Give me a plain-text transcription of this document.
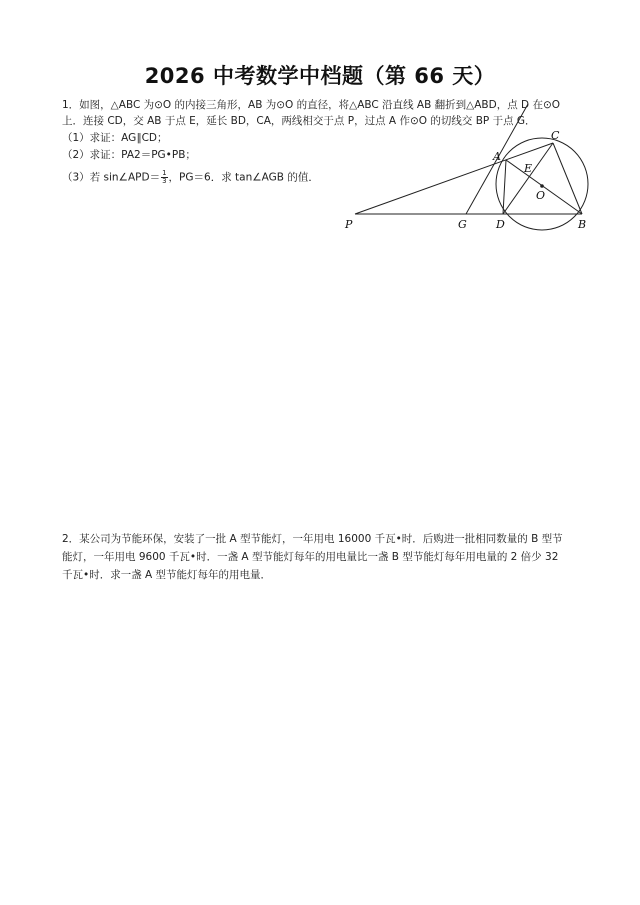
2026 中考数学中档题（第 66 天）
1．如图，△ABC 为⊙O 的内接三角形，AB 为⊙O 的直径，将△ABC 沿直线 AB 翻折到△ABD，点 D 在⊙O
上．连接 CD，交 AB 于点 E，延长 BD，CA，两线相交于点 P，过点 A 作⊙O 的切线交 BP 于点 G．
（1）求证：AG∥CD；
（2）求证：PA2＝PG•PB；
（3）若 sin∠APD＝ $\frac{1}{3}$ ，PG＝6．求 tan∠AGB 的值．
P	G	D	B
A
C
E
O
2．某公司为节能环保，安装了一批 A 型节能灯，一年用电 16000 千瓦•时．后购进一批相同数量的 B 型节
能灯，一年用电 9600 千瓦•时．一盏 A 型节能灯每年的用电量比一盏 B 型节能灯每年用电量的 2 倍少 32
千瓦•时．求一盏 A 型节能灯每年的用电量．
